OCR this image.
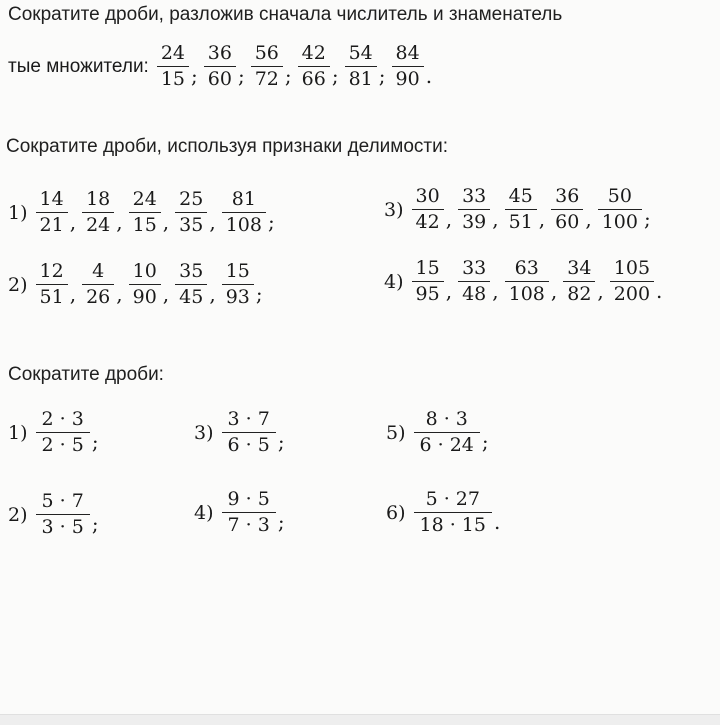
Сократите дроби, разложив сначала числитель и знаменатель
тые множители: $\frac{24}{15}$ ; $\frac{36}{60}$ ; $\frac{56}{72}$ ; $\frac{42}{66}$ ; $\frac{54}{81}$ ; $\frac{84}{90}$ .
Сократите дроби, используя признаки делимости:
$1) \frac{14}{21}$ , $\frac{18}{24}$ , $\frac{24}{15}$ , $\frac{25}{35}$ , $\frac{81}{108}$ ;
$2) \frac{12}{51}$ , $\frac{4}{26}$ , $\frac{10}{90}$ , $\frac{35}{45}$ , $\frac{15}{93}$ ;
$3) \frac{30}{42}$ , $\frac{33}{39}$ , $\frac{45}{51}$ , $\frac{36}{60}$ , $\frac{50}{100}$ ;
$4) \frac{15}{95}$ , $\frac{33}{48}$ , $\frac{63}{108}$ , $\frac{34}{82}$ , $\frac{105}{200}$ .
Сократите дроби:
$1) \frac{2 \cdot 3}{2 \cdot 5}$ ;
$2) \frac{5 \cdot 7}{3 \cdot 5}$ ;
$3) \frac{3 \cdot 7}{6 \cdot 5}$ ;
$4) \frac{9 \cdot 5}{7 \cdot 3}$ ;
$5) \frac{8 \cdot 3}{6 \cdot 24}$ ;
$6) \frac{5 \cdot 27}{18 \cdot 15}$ .
